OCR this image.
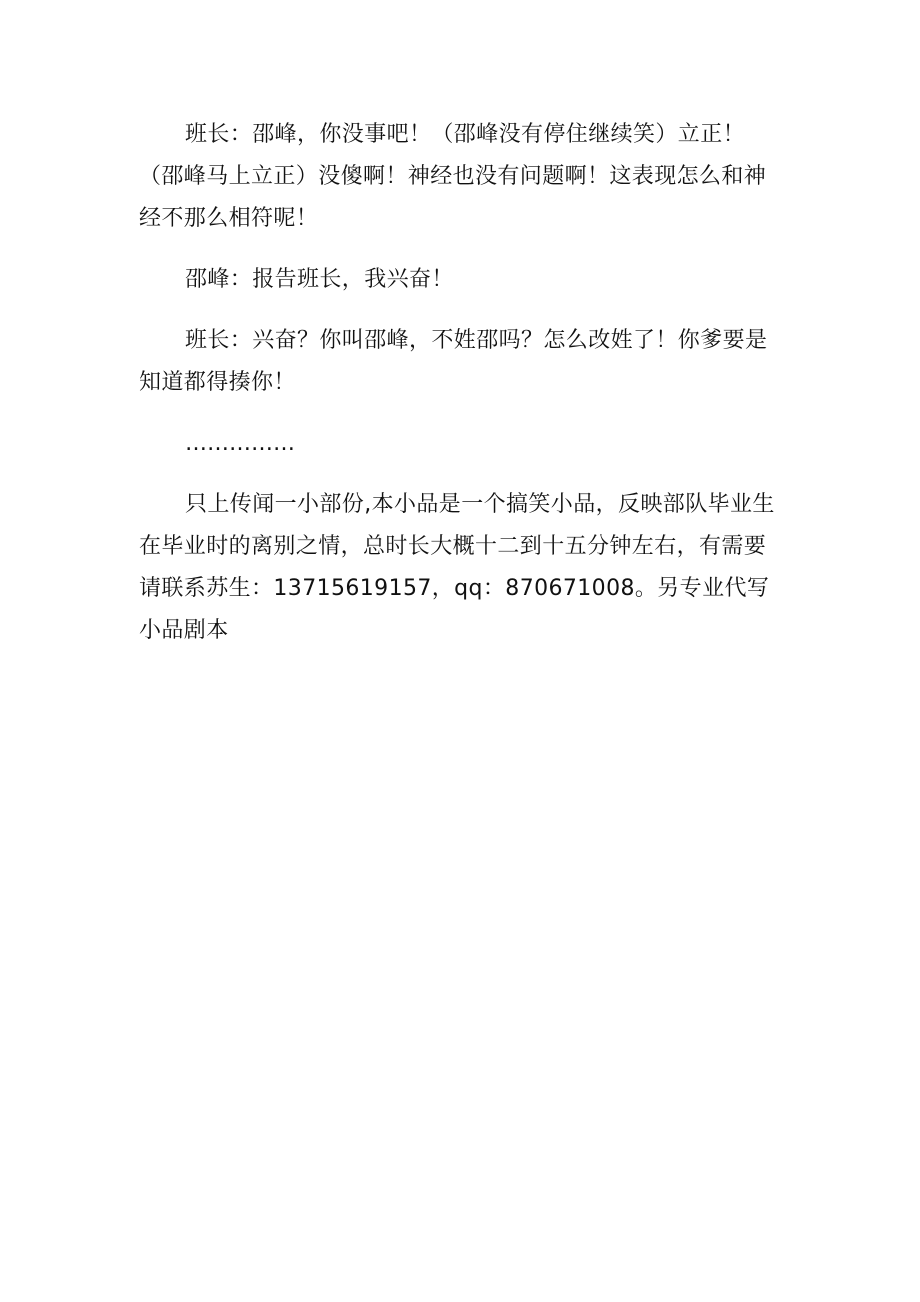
班长：邵峰，你没事吧！（邵峰没有停住继续笑）立正！（邵峰马上立正）没傻啊！神经也没有问题啊！这表现怎么和神经不那么相符呢！

邵峰：报告班长，我兴奋！

班长：兴奋？你叫邵峰，不姓邵吗？怎么改姓了！你爹要是知道都得揍你！

……………

只上传闻一小部份,本小品是一个搞笑小品，反映部队毕业生在毕业时的离别之情，总时长大概十二到十五分钟左右，有需要请联系苏生：13715619157，qq：870671008。另专业代写小品剧本
